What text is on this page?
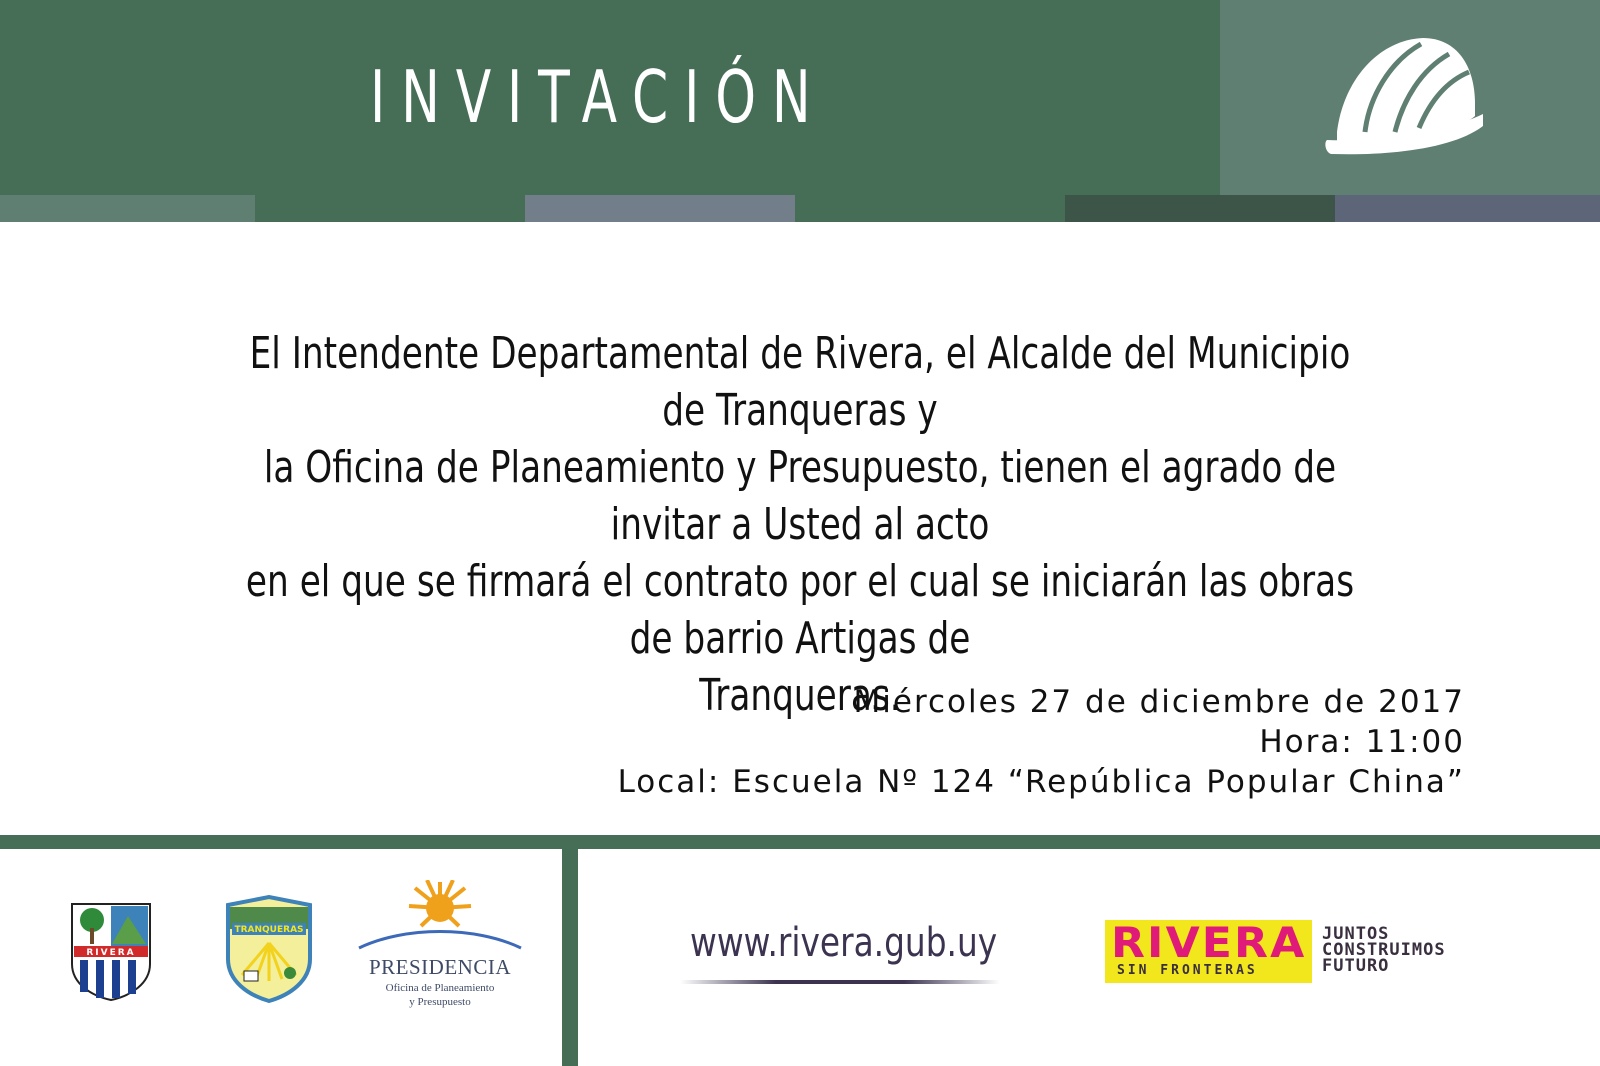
INVITACIÓN
El Intendente Departamental de Rivera, el Alcalde del Municipio de Tranqueras y
la Oficina de Planeamiento y Presupuesto, tienen el agrado de invitar a Usted al acto
en el que se firmará el contrato por el cual se iniciarán las obras de barrio Artigas de
Tranqueras.
Miércoles 27 de diciembre de 2017
Hora: 11:00
Local: Escuela Nº 124 “República Popular China”
RIVERA
TRANQUERAS
PRESIDENCIA
Oficina de Planeamiento
y Presupuesto
www.rivera.gub.uy	RIVERA
SIN FRONTERAS
JUNTOS
CONSTRUIMOS
FUTURO
